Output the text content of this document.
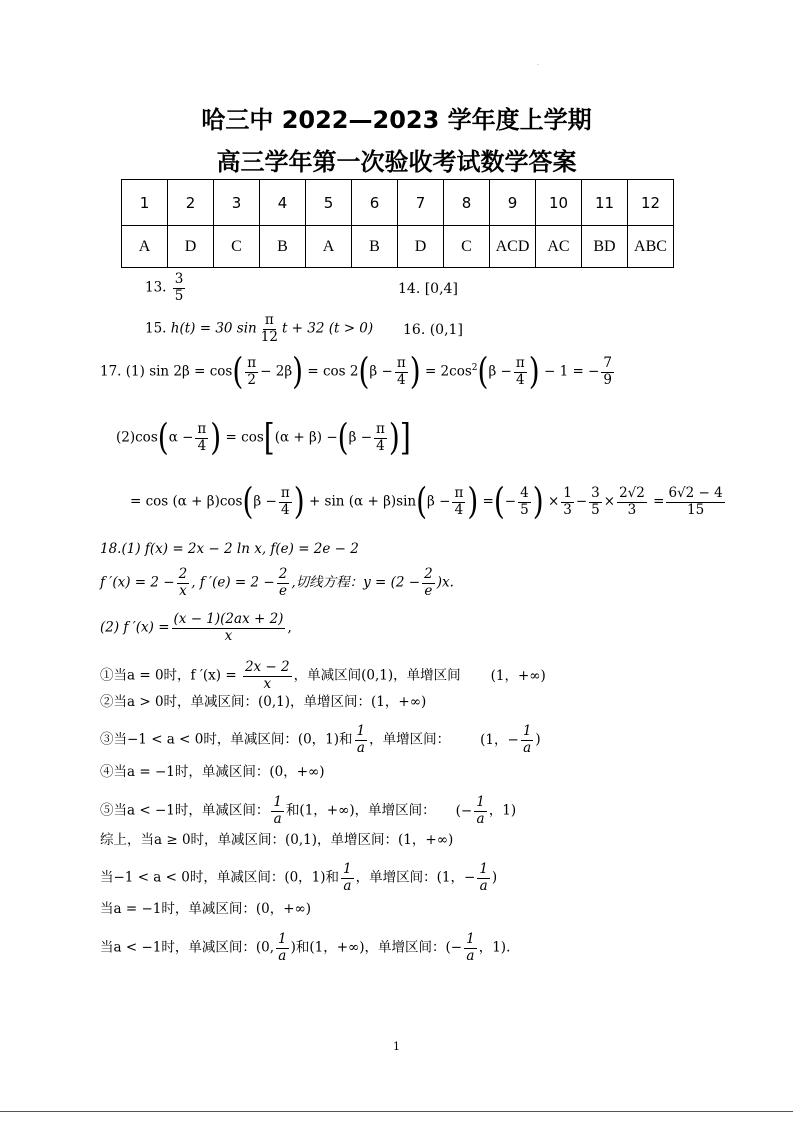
·
哈三中 2022—2023 学年度上学期
高三学年第一次验收考试数学答案
1	2	3	4	5	6	7	8	9	10	11	12
A	D	C	B	A	B	D	C	ACD	AC	BD	ABC
13. $\frac{3}{5}$	14. [0,4]
15. h(t) = 30 $\sin \frac{\pi}{12}$ t + 32 (t > 0) 16. (0,1]
17. (1) $\sin 2\beta = \cos( \frac{\pi}{2} - 2\beta) = \cos 2(\beta - \frac{\pi}{4}$ ) = $2\cos^2(\beta - \frac{\pi}{4}$ ) − 1 = − $\frac{7}{9}$
$(2)\cos(\alpha - \frac{\pi}{4}$ ) = $\cos[(\alpha + \beta) -(\beta - \frac{\pi}{4}$ )]
= $\cos (\alpha + \beta)\cos(\beta - \frac{\pi}{4}$ ) + $\sin (\alpha + \beta)\sin(\beta - \frac{\pi}{4}$ ) =(− $\frac{4}{5}$ ) × $\frac{1}{3} - \frac{3}{5} \times \frac{2√2}{3} = \frac{6√2 - 4}{15}$
18.(1) f(x) = 2x − 2 ln x, f(e) = 2e − 2
f $'(x) = 2 - \frac{2}{x}$ , f $'(e) = 2 - \frac{2}{e}$ ,切线方程：$y = (2 - \frac{2}{e} )x$.
(2) f $'(x) = \frac{(x - 1)(2ax + 2)}{x}$ ,
①当a = 0时，f $'(x) = \frac{2x - 2}{x}$ ，单减区间(0,1)，单增区间 (1，+∞)
②当a > 0时，单减区间：(0,1)，单增区间：(1，+∞)
③当−1 < a < 0时，单减区间：(0，1)和 $\frac{1}{a}$ ，单增区间： (1，− $\frac{1}{a}$ )
④当a = −1时，单减区间：(0，+∞)
⑤当a < −1时，单减区间： $\frac{1}{a}$ 和(1，+∞)，单增区间： (− $\frac{1}{a}$ ，1)
综上，当a ≥ 0时，单减区间：(0,1)，单增区间：(1，+∞)
当−1 < a < 0时，单减区间：(0，1)和 $\frac{1}{a}$ ，单增区间：(1，− $\frac{1}{a}$ )
当a = −1时，单减区间：(0，+∞)
当a < −1时，单减区间：(0, $\frac{1}{a}$ )和(1，+∞)，单增区间：(− $\frac{1}{a}$ ，1).
1
